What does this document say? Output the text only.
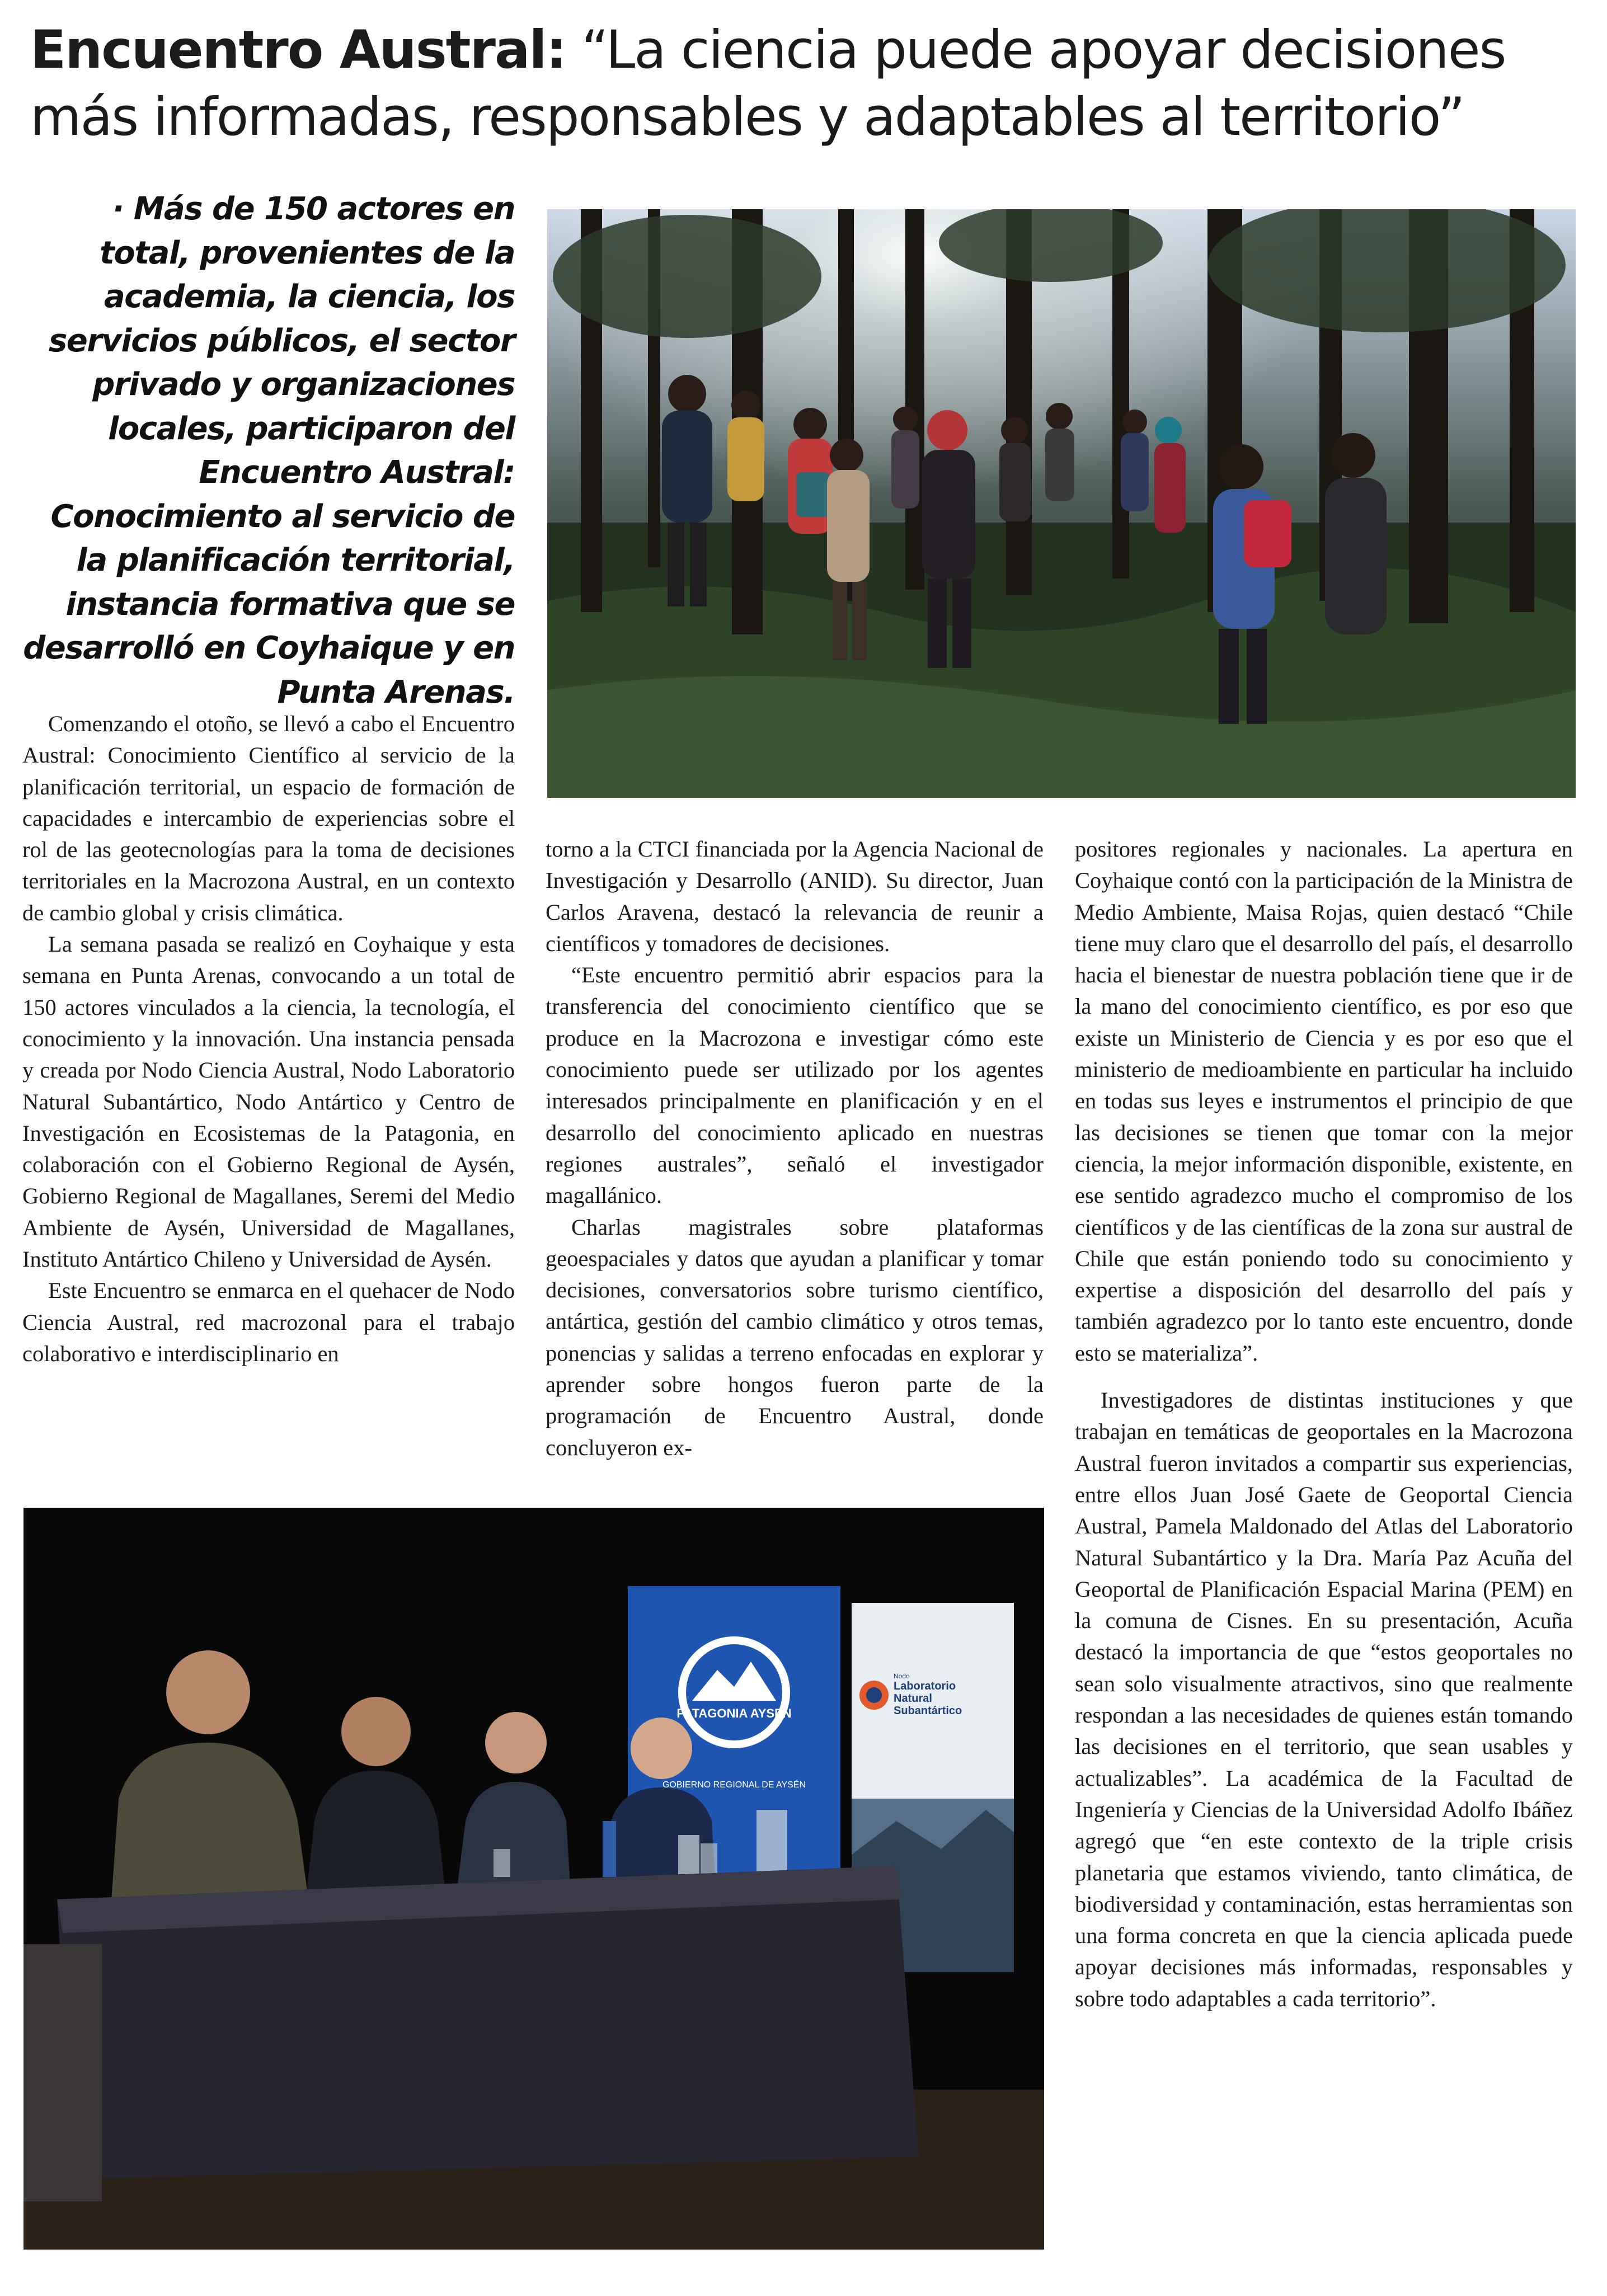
Encuentro Austral: “La ciencia puede apoyar decisiones más informadas, responsables y adaptables al territorio”
· Más de 150 actores en total, provenientes de la academia, la ciencia, los servicios públicos, el sector privado y organizaciones locales, participaron del Encuentro Austral: Conocimiento al servicio de la planificación territorial, instancia formativa que se desarrolló en Coyhaique y en Punta Arenas.

Comenzando el otoño, se llevó a cabo el Encuentro Austral: Conocimiento Científico al servicio de la planificación territorial, un espacio de formación de capacidades e intercambio de experiencias sobre el rol de las geotecnologías para la toma de decisiones territoriales en la Macrozona Austral, en un contexto de cambio global y crisis climática.

La semana pasada se realizó en Coyhaique y esta semana en Punta Arenas, convocando a un total de 150 actores vinculados a la ciencia, la tecnología, el conocimiento y la innovación. Una instancia pensada y creada por Nodo Ciencia Austral, Nodo Laboratorio Natural Subantártico, Nodo Antártico y Centro de Investigación en Ecosistemas de la Patagonia, en colaboración con el Gobierno Regional de Aysén, Gobierno Regional de Magallanes, Seremi del Medio Ambiente de Aysén, Universidad de Magallanes, Instituto Antártico Chileno y Universidad de Aysén.

Este Encuentro se enmarca en el quehacer de Nodo Ciencia Austral, red macrozonal para el trabajo colaborativo e interdisciplinario en

torno a la CTCI financiada por la Agencia Nacional de Investigación y Desarrollo (ANID). Su director, Juan Carlos Aravena, destacó la relevancia de reunir a científicos y tomadores de decisiones.

“Este encuentro permitió abrir espacios para la transferencia del conocimiento científico que se produce en la Macrozona e investigar cómo este conocimiento puede ser utilizado por los agentes interesados principalmente en planificación y en el desarrollo del conocimiento aplicado en nuestras regiones australes”, señaló el investigador magallánico.

Charlas magistrales sobre plataformas geoespaciales y datos que ayudan a planificar y tomar decisiones, conversatorios sobre turismo científico, antártica, gestión del cambio climático y otros temas, ponencias y salidas a terreno enfocadas en explorar y aprender sobre hongos fueron parte de la programación de Encuentro Austral, donde concluyeron ex-

positores regionales y nacionales. La apertura en Coyhaique contó con la participación de la Ministra de Medio Ambiente, Maisa Rojas, quien destacó “Chile tiene muy claro que el desarrollo del país, el desarrollo hacia el bienestar de nuestra población tiene que ir de la mano del conocimiento científico, es por eso que existe un Ministerio de Ciencia y es por eso que el ministerio de medioambiente en particular ha incluido en todas sus leyes e instrumentos el principio de que las decisiones se tienen que tomar con la mejor ciencia, la mejor información disponible, existente, en ese sentido agradezco mucho el compromiso de los científicos y de las científicas de la zona sur austral de Chile que están poniendo todo su conocimiento y expertise a disposición del desarrollo del país y también agradezco por lo tanto este encuentro, donde esto se materializa”.

Investigadores de distintas instituciones y que trabajan en temáticas de geoportales en la Macrozona Austral fueron invitados a compartir sus experiencias, entre ellos Juan José Gaete de Geoportal Ciencia Austral, Pamela Maldonado del Atlas del Laboratorio Natural Subantártico y la Dra. María Paz Acuña del Geoportal de Planificación Espacial Marina (PEM) en la comuna de Cisnes. En su presentación, Acuña destacó la importancia de que “estos geoportales no sean solo visualmente atractivos, sino que realmente respondan a las necesidades de quienes están tomando las decisiones en el territorio, que sean usables y actualizables”. La académica de la Facultad de Ingeniería y Ciencias de la Universidad Adolfo Ibáñez agregó que “en este contexto de la triple crisis planetaria que estamos viviendo, tanto climática, de biodiversidad y contaminación, estas herramientas son una forma concreta en que la ciencia aplicada puede apoyar decisiones más informadas, responsables y sobre todo adaptables a cada territorio”.

PATAGONIA AYSEN
GOBIERNO REGIONAL DE AYSÉN
Nodo
Laboratorio
Natural
Subantártico
